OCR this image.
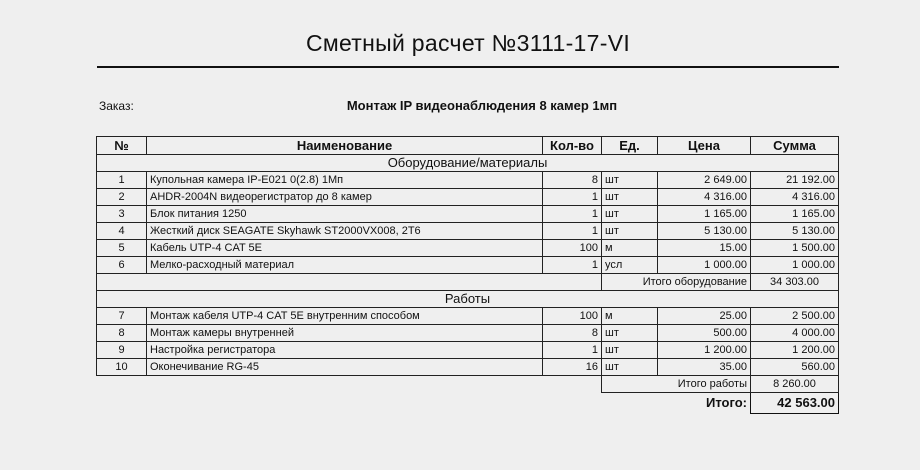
Сметный расчет №3111-17-VI
Заказ:	Монтаж IP видеонаблюдения 8 камер 1мп
№	Наименование	Кол-во	Ед.	Цена	Сумма
Оборудование/материалы					
1	Купольная камера IP-E021 0(2.8) 1Мп	8	шт	2 649.00	21 192.00
2	AHDR-2004N видеорегистратор до 8 камер	1	шт	4 316.00	4 316.00
3	Блок питания 1250	1	шт	1 165.00	1 165.00
4	Жесткий диск SEAGATE Skyhawk ST2000VX008, 2Т6	1	шт	5 130.00	5 130.00
5	Кабель UTP-4 CAT 5E	100	м	15.00	1 500.00
6	Мелко-расходный материал	1	усл	1 000.00	1 000.00
			Итого оборудование		34 303.00
Работы					
7	Монтаж кабеля UTP-4 CAT 5E внутренним способом	100	м	25.00	2 500.00
8	Монтаж камеры внутренней	8	шт	500.00	4 000.00
9	Настройка регистратора	1	шт	1 200.00	1 200.00
10	Оконечивание RG-45	16	шт	35.00	560.00
			Итого работы		8 260.00
				Итого:	42 563.00
